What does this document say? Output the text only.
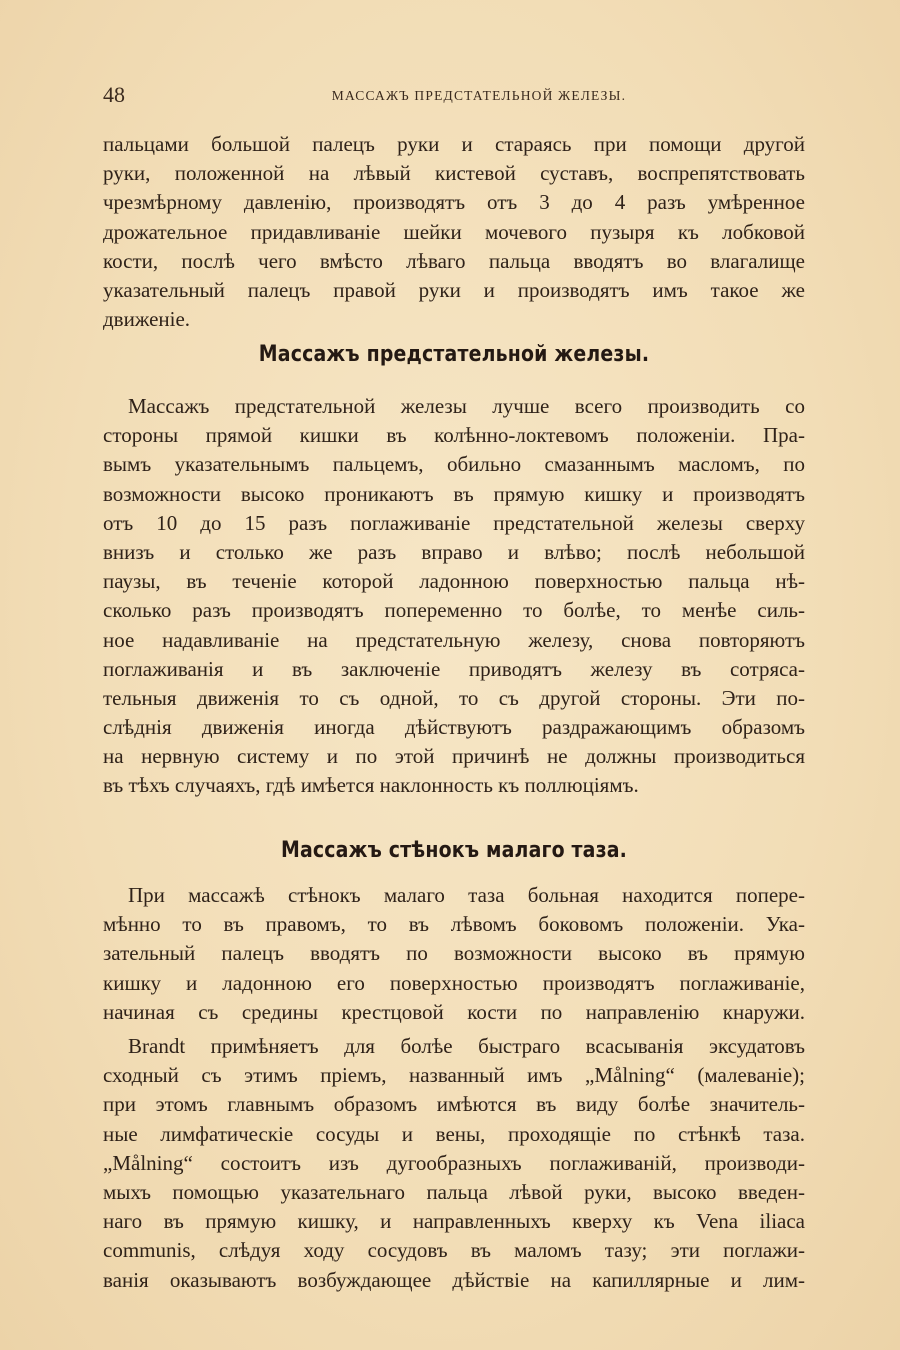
48	МАССАЖЪ ПРЕДСТАТЕЛЬНОЙ ЖЕЛЕЗЫ.
пальцами большой палецъ руки и стараясь при помощи другой
руки, положенной на лѣвый кистевой суставъ, воспрепятствовать
чрезмѣрному давленію, производятъ отъ 3 до 4 разъ умѣренное
дрожательное придавливаніе шейки мочевого пузыря къ лобковой
кости, послѣ чего вмѣсто лѣваго пальца вводятъ во влагалище
указательный палецъ правой руки и производятъ имъ такое же
движеніе.
Массажъ предстательной железы.
Массажъ предстательной железы лучше всего производить со
стороны прямой кишки въ колѣнно-локтевомъ положеніи. Пра-
вымъ указательнымъ пальцемъ, обильно смазаннымъ масломъ, по
возможности высоко проникаютъ въ прямую кишку и производятъ
отъ 10 до 15 разъ поглаживаніе предстательной железы сверху
внизъ и столько же разъ вправо и влѣво; послѣ небольшой
паузы, въ теченіе которой ладонною поверхностью пальца нѣ-
сколько разъ производятъ попеременно то болѣе, то менѣе силь-
ное надавливаніе на предстательную железу, снова повторяютъ
поглаживанія и въ заключеніе приводятъ железу въ сотряса-
тельныя движенія то съ одной, то съ другой стороны. Эти по-
слѣднія движенія иногда дѣйствуютъ раздражающимъ образомъ
на нервную систему и по этой причинѣ не должны производиться
въ тѣхъ случаяхъ, гдѣ имѣется наклонность къ поллюціямъ.
Массажъ стѣнокъ малаго таза.
При массажѣ стѣнокъ малаго таза больная находится попере-
мѣнно то въ правомъ, то въ лѣвомъ боковомъ положеніи. Ука-
зательный палецъ вводятъ по возможности высоко въ прямую
кишку и ладонною его поверхностью производятъ поглаживаніе,
начиная съ средины крестцовой кости по направленію кнаружи.
Brandt примѣняетъ для болѣе быстраго всасыванія эксудатовъ
сходный съ этимъ пріемъ, названный имъ „Målning“ (малеваніе);
при этомъ главнымъ образомъ имѣются въ виду болѣе значитель-
ные лимфатическіе сосуды и вены, проходящіе по стѣнкѣ таза.
„Målning“ состоитъ изъ дугообразныхъ поглаживаній, производи-
мыхъ помощью указательнаго пальца лѣвой руки, высоко введен-
наго въ прямую кишку, и направленныхъ кверху къ Vena iliaca
communis, слѣдуя ходу сосудовъ въ маломъ тазу; эти поглажи-
ванія оказываютъ возбуждающее дѣйствіе на капиллярные и лим-
